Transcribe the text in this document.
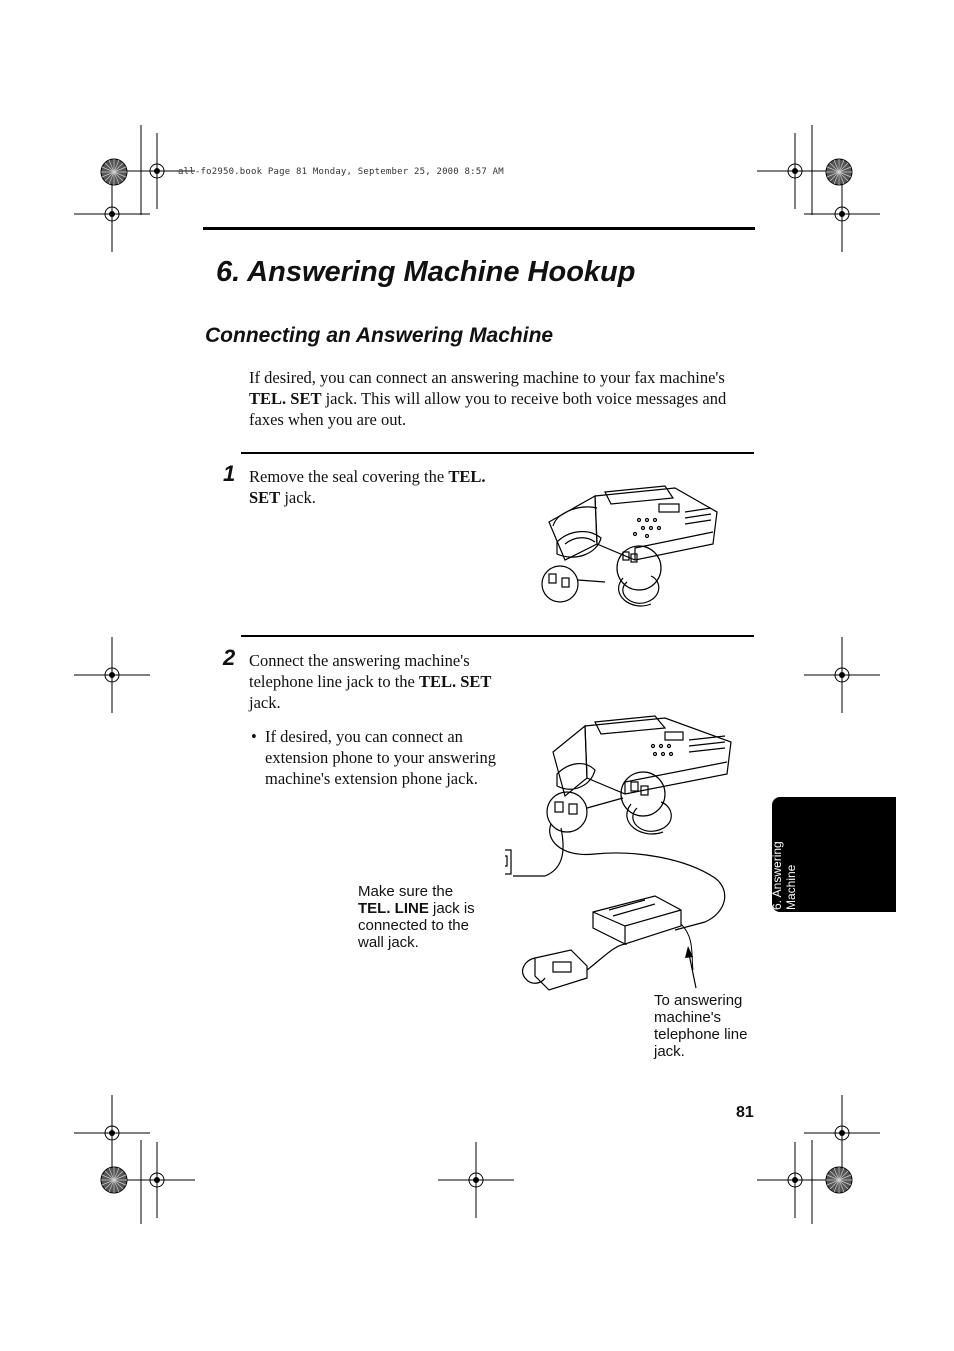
all-fo2950.book Page 81 Monday, September 25, 2000 8:57 AM
6. Answering Machine Hookup
Connecting an Answering Machine
If desired, you can connect an answering machine to your fax machine's TEL. SET jack. This will allow you to receive both voice messages and faxes when you are out.
1 Remove the seal covering the TEL. SET jack.
2 Connect the answering machine's telephone line jack to the TEL. SET jack.
• If desired, you can connect an extension phone to your answering machine's extension phone jack.
Make sure the TEL. LINE jack is connected to the wall jack.
To answering machine's telephone line jack.
6. Answering Machine
81
